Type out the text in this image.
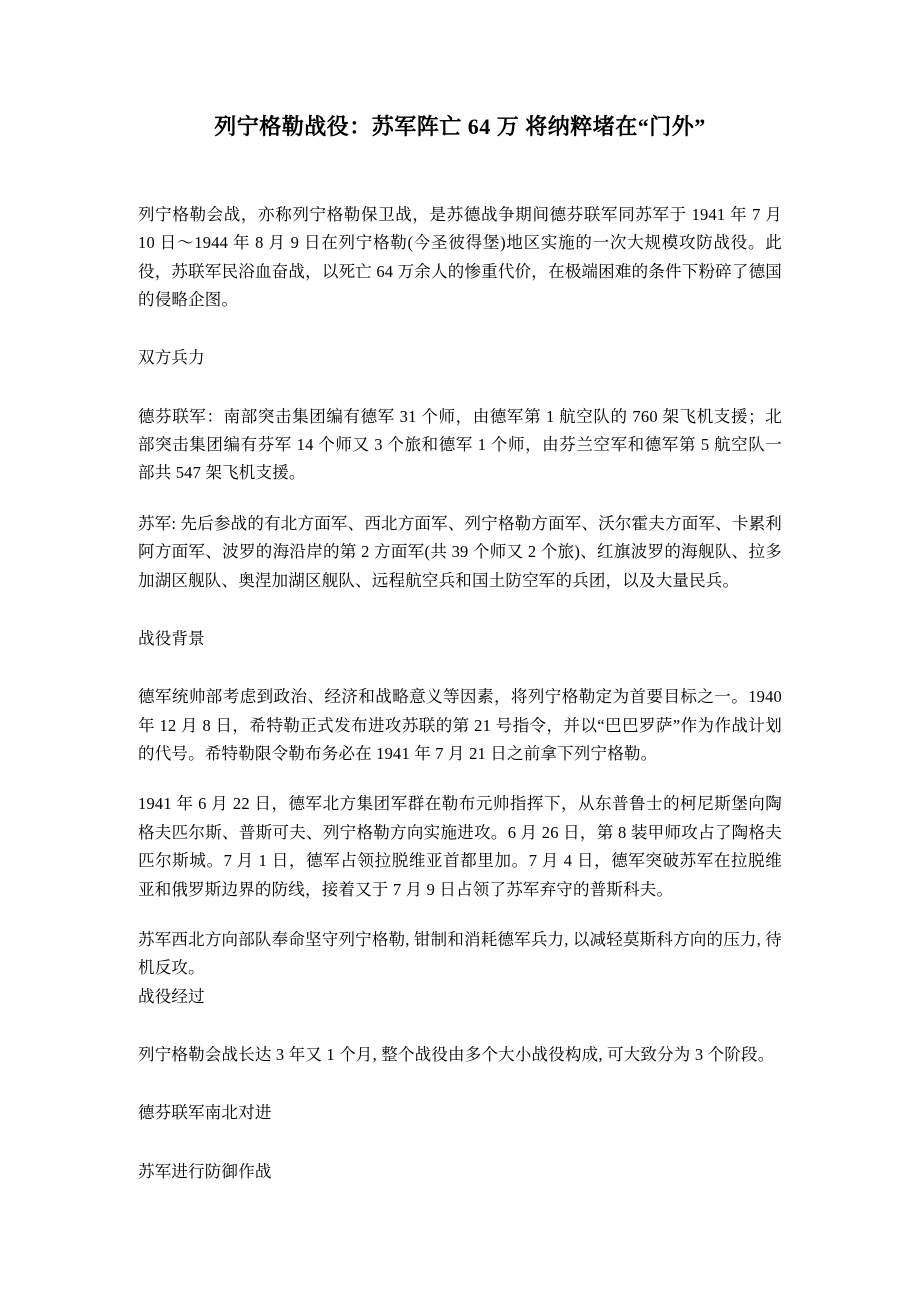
列宁格勒战役：苏军阵亡 64 万 将纳粹堵在“门外”

列宁格勒会战，亦称列宁格勒保卫战，是苏德战争期间德芬联军同苏军于 1941 年 7 月 10 日～1944 年 8 月 9 日在列宁格勒(今圣彼得堡)地区实施的一次大规模攻防战役。此役，苏联军民浴血奋战，以死亡 64 万余人的惨重代价，在极端困难的条件下粉碎了德国的侵略企图。

双方兵力

德芬联军：南部突击集团编有德军 31 个师，由德军第 1 航空队的 760 架飞机支援；北部突击集团编有芬军 14 个师又 3 个旅和德军 1 个师，由芬兰空军和德军第 5 航空队一部共 547 架飞机支援。

苏军: 先后参战的有北方面军、西北方面军、列宁格勒方面军、沃尔霍夫方面军、卡累利阿方面军、波罗的海沿岸的第 2 方面军(共 39 个师又 2 个旅)、红旗波罗的海舰队、拉多加湖区舰队、奥涅加湖区舰队、远程航空兵和国土防空军的兵团，以及大量民兵。

战役背景

德军统帅部考虑到政治、经济和战略意义等因素，将列宁格勒定为首要目标之一。1940 年 12 月 8 日，希特勒正式发布进攻苏联的第 21 号指令，并以“巴巴罗萨”作为作战计划的代号。希特勒限令勒布务必在 1941 年 7 月 21 日之前拿下列宁格勒。

1941 年 6 月 22 日，德军北方集团军群在勒布元帅指挥下，从东普鲁士的柯尼斯堡向陶格夫匹尔斯、普斯可夫、列宁格勒方向实施进攻。6 月 26 日，第 8 装甲师攻占了陶格夫匹尔斯城。7 月 1 日，德军占领拉脱维亚首都里加。7 月 4 日，德军突破苏军在拉脱维亚和俄罗斯边界的防线，接着又于 7 月 9 日占领了苏军弃守的普斯科夫。

苏军西北方向部队奉命坚守列宁格勒, 钳制和消耗德军兵力, 以减轻莫斯科方向的压力, 待机反攻。

战役经过

列宁格勒会战长达 3 年又 1 个月, 整个战役由多个大小战役构成, 可大致分为 3 个阶段。

德芬联军南北对进

苏军进行防御作战
